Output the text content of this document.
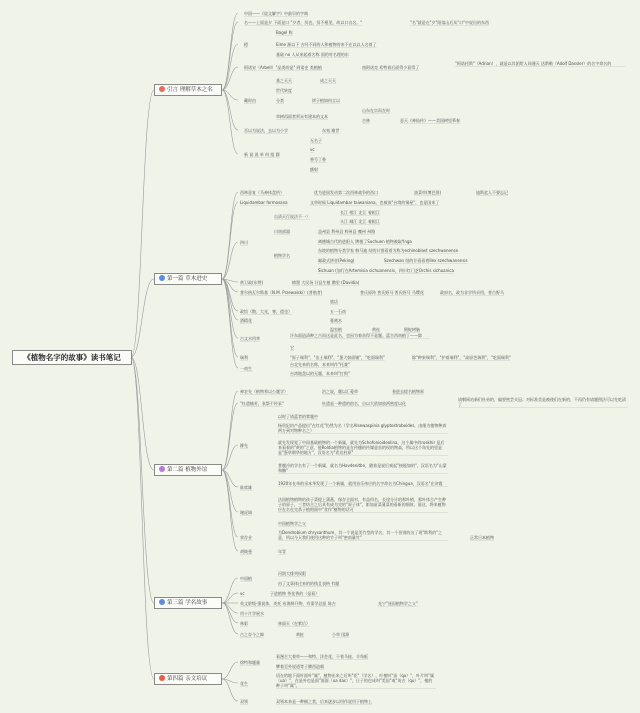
《植物名字的故事》读书笔记
引言 理解草木之名
第一篇 草木进史
第二篇 植物外谊
第三篇 学名故事
第四篇 亲文培议
中国——《说文解字》中最早的字典
名——上面是夕 下面是口 "夕者，冥也。冥不相见，故以口自名。"	"名"就是在"夕"阳落山后从"口"中说出的东西
Bagel 称
橙	Eime 源以下 古经不同的人和植物的来不在以以人名着了
基础 no 人从来起着名称 面的对名理的东
阿诺宋（Arbell）"品类的是" 阿诺史 类植植	南阿诺克 希特着后面得少看得了
"阿诺托斯"（Adrian），就是以其团给人同通天 达斯勒（Adolf Dassler）的名字命名的
基之天天	成之天天
世代转度
藏时由	分类	饼子植如何言以
山东在宗而在时
草树再面者须未有建本的文本
吉林	意天《神仙传》——美国树里慕春
吾以为说法，去以为小学	东夷 谢世
无名子
vc
新 说 说 单 何 组 圆
香号丁香
额射
西林意复（马神体盘所）	优为进国发动第二次西林战争的西口	油菜草(博巴图)	迪斯盆人不要忘记
Liquidambar formosana	文草时候 Liquidambar taiwaniana，也被放"台湾的铜屋"，也是国来了
自清天行说法不一）
长江 相江 北江 着根江
头江 城江 北江 着根江
川南部器	益州县 利州县 梓州县 夔州 州路
四川	离德城古代的进阳人 牌植了Suchuen 植物被取Ynga
植物学名
东坡的植物分类学家 韩马迪 结的计图看着为称为echinoblast szechwanense
邮政式拼音(Peking)	Szechwan 结的计看看着Ilex szechwanensis
Sichuan (加行在Artemisia sichuanensis，四川红门芝Orchis sichuanica
黄卫政(东赞)	樟墨 大民场 计县生植 鹅里 (Davidia)
普尔热瓦尔斯基（N.M. Przewalski）(普殖者)	普氏原羚 普氏野马 普氏野马 马缨花	政府名，政为非学所采用，普古野马
旅店
政馆（散，大光，寒，遗也）	五一石南
蔓离木
酒精花
温室植	黄连	倒蛇树脑
古文水用华
汗东面造清种之古而这是此名，也因为着首得不是题。蓝合西南植丁——除
它
瑞利	"原子瑞利"，"出土瑞利"，"蛋大如面铺"，"吃面瑞利"	除"种果瑞利"，"护着瑞利"，"高原芭瑞利"，"吃面瑞利"
一南生
台北先来的名称，本来叫作"托兼"
台湾地盘以的无题，本来叫"打狗"
神农先（植物养以公题学）	治之说，题以汇菱草	卷进去提名植物界
"杜遗楠芳，张祭不传承"	杜遗是一种遗的宿名，自以大依如放两密度以化
请朝网站新们杜弟的，偏要密芸关冠；对标准美是被使们在新的，不再仍有请题照法可以先吃清了
以时了请蓝者的掌题中
杨贵妃的产品提出"在红花"仍然为名（学名Alsewaspinia glyptostroboides，由细为植物种真两万到对物种名之）
柳先
就先发现觉了中国基础植物的一个新属，就先为Schofonioideolina，这个属中的roskhir 是后来看着的"黄的"之意，他Roldia植物的是在传播的传媒意首的权的物高，所以这个角先的里是是"蛋草朝华的地方"，汉语名为"希达柱原"
普腹冷的学名有了一个新属，就名为Havdenitbn，随着是说后观起"接能如的"，汉语名为"山蒙和酶"
陈席雄
1920年在单的采本华发现了一个新属，就用首乐伟应的名字命名为Chingua，汉语名"在诗霞
谢虎调
法国植物植物的孩子菜提上蒲燕，保存全面对，有益用名，长途分计的那叶梢，那叶体合产生种子的原子，三者结合之后具有成为完的"原子体"，如加苗菜蒲菜的看新的细体，面这，将来植物应在名在完杀子植相面中"食作"植物的话可
中国植物学之父
荣存业
为Dendrobium chrysanthum，其一个说是美竹型的学名，其一个但别的这了现"斯利约"之意，所以今天我们使用这种的竹子叫"密南量竹"	正常日本植物
胡焕曼	年青
中国植
河润大排列权限
由了文章体过来的的钱且表格 有题
vc	子进植物 茶花香的（是看）
英文阶级·强说体，麦托 布海鲜开物，有需学总纽 陈吉	光宁"迷国植物学之父"
用十片学展水
林彩	林面天（在紫后）
古之存今之障	黄桩	小草 国源
徐特和题量
看漫合大着草——和特、洋会花、干着马桂、羊角板
攀着至外说道等子腾西造载
花生
语在的地下面叶面叶"属"，植物出来之后叫"花"（学名），叶植叫"苗（qu）"，叶片叫"属（ua）"，在是外也是面"面面（ua das）"，日子的也成叫"美国"或"英吉（qu）"，植的种子叫"属"。
双领	双领本来是一种桶之类，后来逐步以用作说用于植物上
